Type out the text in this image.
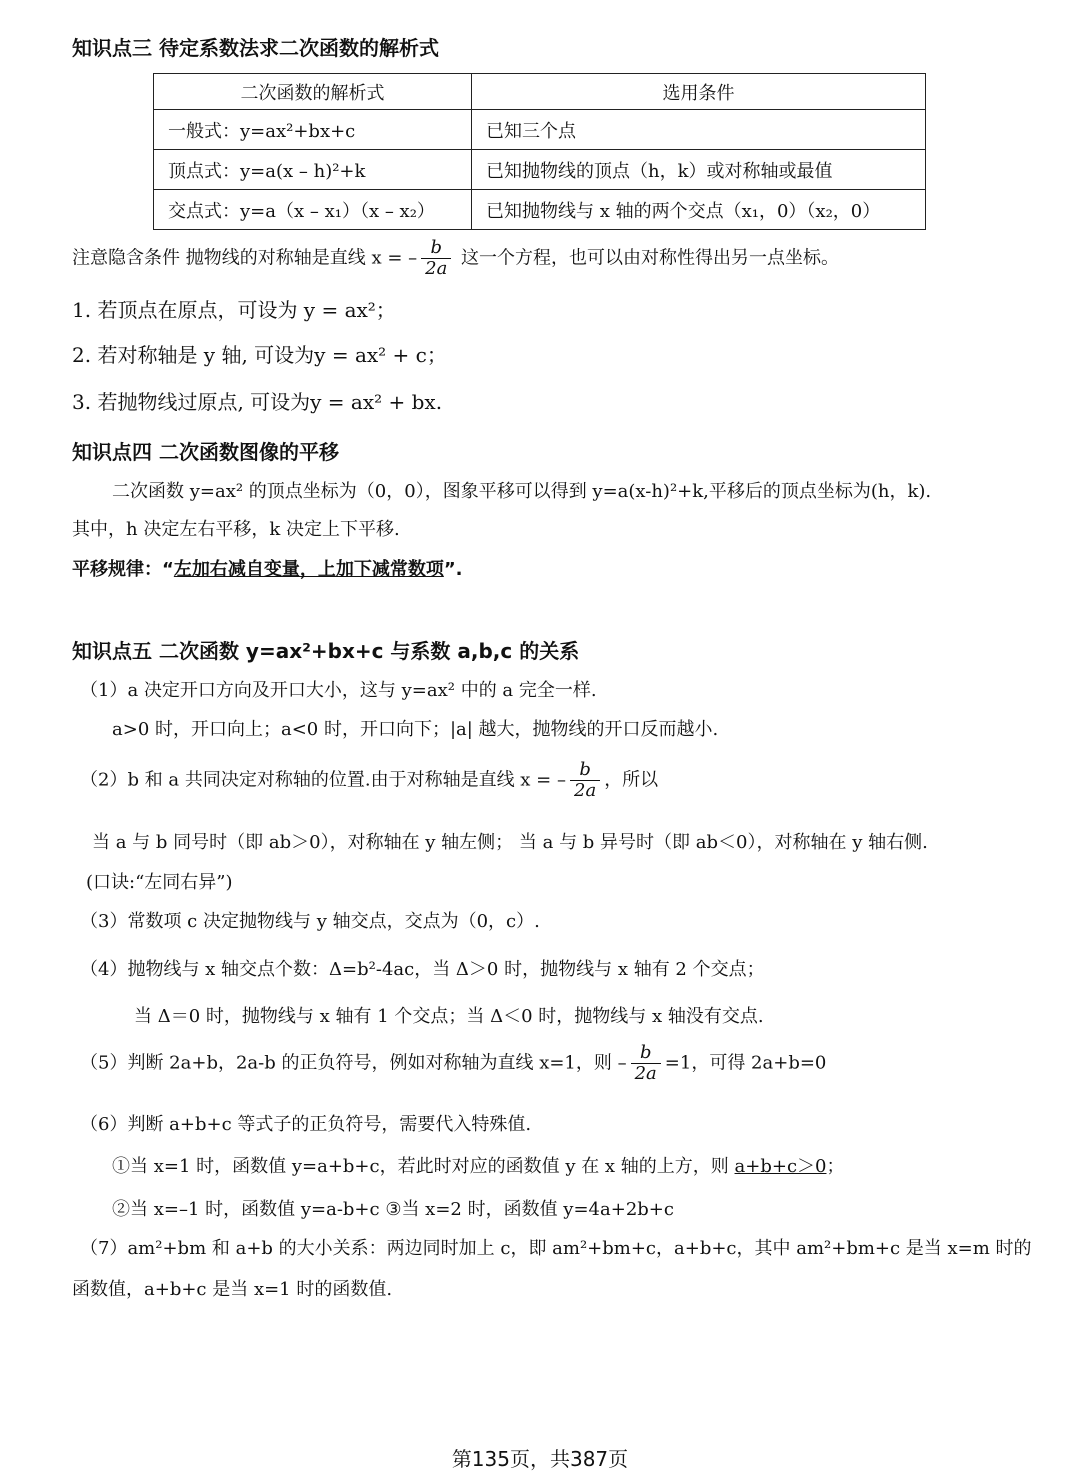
知识点三 待定系数法求二次函数的解析式
二次函数的解析式	选用条件
一般式：y=ax²+bx+c	已知三个点
顶点式：y=a(x – h)²+k	已知抛物线的顶点（h，k）或对称轴或最值
交点式：y=a（x – x₁）（x – x₂）	已知抛物线与 x 轴的两个交点（x₁，0）（x₂，0）
注意隐含条件 抛物线的对称轴是直线 x = – $\frac{b}{2a}$ 这一个方程，也可以由对称性得出另一点坐标。
1. 若顶点在原点，可设为 y = ax²；
2. 若对称轴是 y 轴, 可设为y = ax² + c；
3. 若抛物线过原点, 可设为y = ax² + bx.
知识点四 二次函数图像的平移
二次函数 y=ax² 的顶点坐标为（0，0），图象平移可以得到 y=a(x-h)²+k,平移后的顶点坐标为(h，k).
其中，h 决定左右平移，k 决定上下平移.
平移规律：“左加右减自变量，上加下减常数项”.
知识点五 二次函数 y=ax²+bx+c 与系数 a,b,c 的关系
（1）a 决定开口方向及开口大小，这与 y=ax² 中的 a 完全一样.
a>0 时，开口向上；a<0 时，开口向下；|a| 越大，抛物线的开口反而越小.
（2）b 和 a 共同决定对称轴的位置.由于对称轴是直线 x = – $\frac{b}{2a}$ ，所以
当 a 与 b 同号时（即 ab＞0），对称轴在 y 轴左侧； 当 a 与 b 异号时（即 ab＜0），对称轴在 y 轴右侧.
(口诀:“左同右异”)
（3）常数项 c 决定抛物线与 y 轴交点，交点为（0，c）.
（4）抛物线与 x 轴交点个数：Δ=b²-4ac，当 Δ＞0 时，抛物线与 x 轴有 2 个交点；
当 Δ＝0 时，抛物线与 x 轴有 1 个交点；当 Δ＜0 时，抛物线与 x 轴没有交点.
（5）判断 2a+b，2a-b 的正负符号，例如对称轴为直线 x=1，则 – $\frac{b}{2a} =1$，可得 2a+b=0
（6）判断 a+b+c 等式子的正负符号，需要代入特殊值.
①当 x=1 时，函数值 y=a+b+c，若此时对应的函数值 y 在 x 轴的上方，则 a+b+c＞0；
②当 x=–1 时，函数值 y=a-b+c ③当 x=2 时，函数值 y=4a+2b+c
（7）am²+bm 和 a+b 的大小关系：两边同时加上 c，即 am²+bm+c，a+b+c，其中 am²+bm+c 是当 x=m 时的
函数值，a+b+c 是当 x=1 时的函数值.
第135页，共387页
